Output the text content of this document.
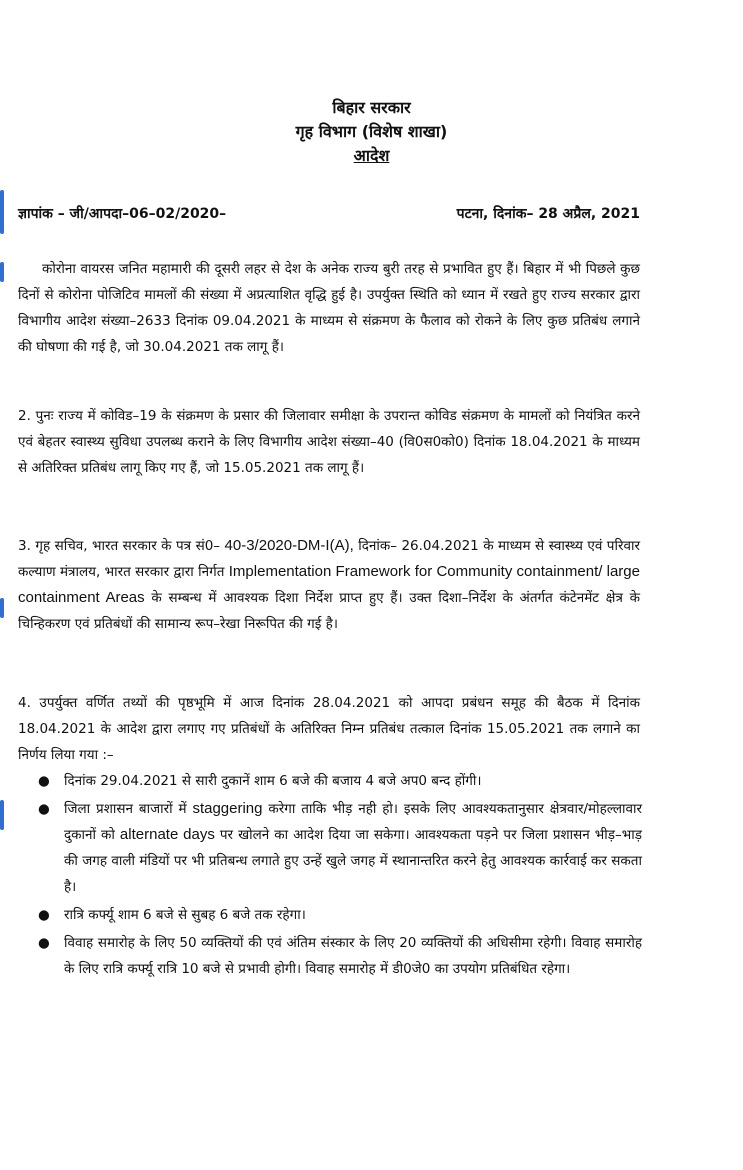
बिहार सरकार
गृह विभाग (विशेष शाखा)
आदेश
ज्ञापांक – जी/आपदा–06–02/2020–	पटना, दिनांक– 28 अप्रैल, 2021
कोरोना वायरस जनित महामारी की दूसरी लहर से देश के अनेक राज्य बुरी तरह से प्रभावित हुए हैं। बिहार में भी पिछले कुछ दिनों से कोरोना पोजिटिव मामलों की संख्या में अप्रत्याशित वृद्धि हुई है। उपर्युक्त स्थिति को ध्यान में रखते हुए राज्य सरकार द्वारा विभागीय आदेश संख्या–2633 दिनांक 09.04.2021 के माध्यम से संक्रमण के फैलाव को रोकने के लिए कुछ प्रतिबंध लगाने की घोषणा की गई है, जो 30.04.2021 तक लागू हैं।
2. पुनः राज्य में कोविड–19 के संक्रमण के प्रसार की जिलावार समीक्षा के उपरान्त कोविड संक्रमण के मामलों को नियंत्रित करने एवं बेहतर स्वास्थ्य सुविधा उपलब्ध कराने के लिए विभागीय आदेश संख्या–40 (वि0स0को0) दिनांक 18.04.2021 के माध्यम से अतिरिक्त प्रतिबंध लागू किए गए हैं, जो 15.05.2021 तक लागू हैं।
3. गृह सचिव, भारत सरकार के पत्र सं0– 40-3/2020-DM-I(A), दिनांक– 26.04.2021 के माध्यम से स्वास्थ्य एवं परिवार कल्याण मंत्रालय, भारत सरकार द्वारा निर्गत Implementation Framework for Community containment/ large containment Areas के सम्बन्ध में आवश्यक दिशा निर्देश प्राप्त हुए हैं। उक्त दिशा–निर्देश के अंतर्गत कंटेनमेंट क्षेत्र के चिन्हिकरण एवं प्रतिबंधों की सामान्य रूप–रेखा निरूपित की गई है।
4. उपर्युक्त वर्णित तथ्यों की पृष्ठभूमि में आज दिनांक 28.04.2021 को आपदा प्रबंधन समूह की बैठक में दिनांक 18.04.2021 के आदेश द्वारा लगाए गए प्रतिबंधों के अतिरिक्त निम्न प्रतिबंध तत्काल दिनांक 15.05.2021 तक लगाने का निर्णय लिया गया :–
● दिनांक 29.04.2021 से सारी दुकानें शाम 6 बजे की बजाय 4 बजे अप0 बन्द होंगी।
● जिला प्रशासन बाजारों में staggering करेगा ताकि भीड़ नही हो। इसके लिए आवश्यकतानुसार क्षेत्रवार/मोहल्लावार दुकानों को alternate days पर खोलने का आदेश दिया जा सकेगा। आवश्यकता पड़ने पर जिला प्रशासन भीड़–भाड़ की जगह वाली मंडियों पर भी प्रतिबन्ध लगाते हुए उन्हें खुले जगह में स्थानान्तरित करने हेतु आवश्यक कार्रवाई कर सकता है।
● रात्रि कर्फ्यू शाम 6 बजे से सुबह 6 बजे तक रहेगा।
● विवाह समारोह के लिए 50 व्यक्तियों की एवं अंतिम संस्कार के लिए 20 व्यक्तियों की अधिसीमा रहेगी। विवाह समारोह के लिए रात्रि कर्फ्यू रात्रि 10 बजे से प्रभावी होगी। विवाह समारोह में डी0जे0 का उपयोग प्रतिबंधित रहेगा।
